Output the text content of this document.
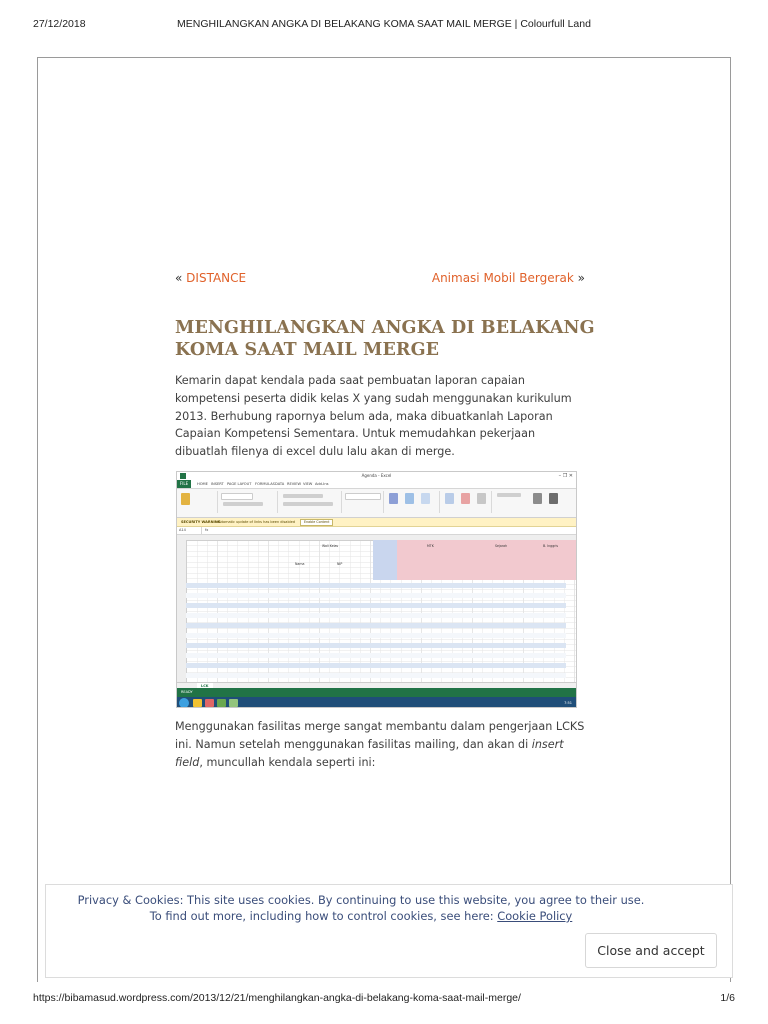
27/12/2018	MENGHILANGKAN ANGKA DI BELAKANG KOMA SAAT MAIL MERGE | Colourfull Land
« DISTANCE	Animasi Mobil Bergerak »
MENGHILANGKAN ANGKA DI BELAKANG KOMA SAAT MAIL MERGE

Kemarin dapat kendala pada saat pembuatan laporan capaian kompetensi peserta didik kelas X yang sudah menggunakan kurikulum 2013. Berhubung rapornya belum ada, maka dibuatkanlah Laporan Capaian Kompetensi Sementara. Untuk memudahkan pekerjaan dibuatlah filenya di excel dulu lalu akan di merge.

Agenda - Excel	– ❐ ✕
FILE	HOME INSERT PAGE LAYOUT FORMULAS DATA REVIEW VIEW Add-Ins
SECURITY WARNING
Automatic update of links has been disabled	Enable Content
A14	fx
Wali Kelas
Nama	NIP
MTK	Sejarah	B. Inggris
LCK
READY
7:51

Menggunakan fasilitas merge sangat membantu dalam pengerjaan LCKS ini. Namun setelah menggunakan fasilitas mailing, dan akan di insert field, muncullah kendala seperti ini:

Privacy & Cookies: This site uses cookies. By continuing to use this website, you agree to their use.
To find out more, including how to control cookies, see here: Cookie Policy
Close and accept
https://bibamasud.wordpress.com/2013/12/21/menghilangkan-angka-di-belakang-koma-saat-mail-merge/	1/6
